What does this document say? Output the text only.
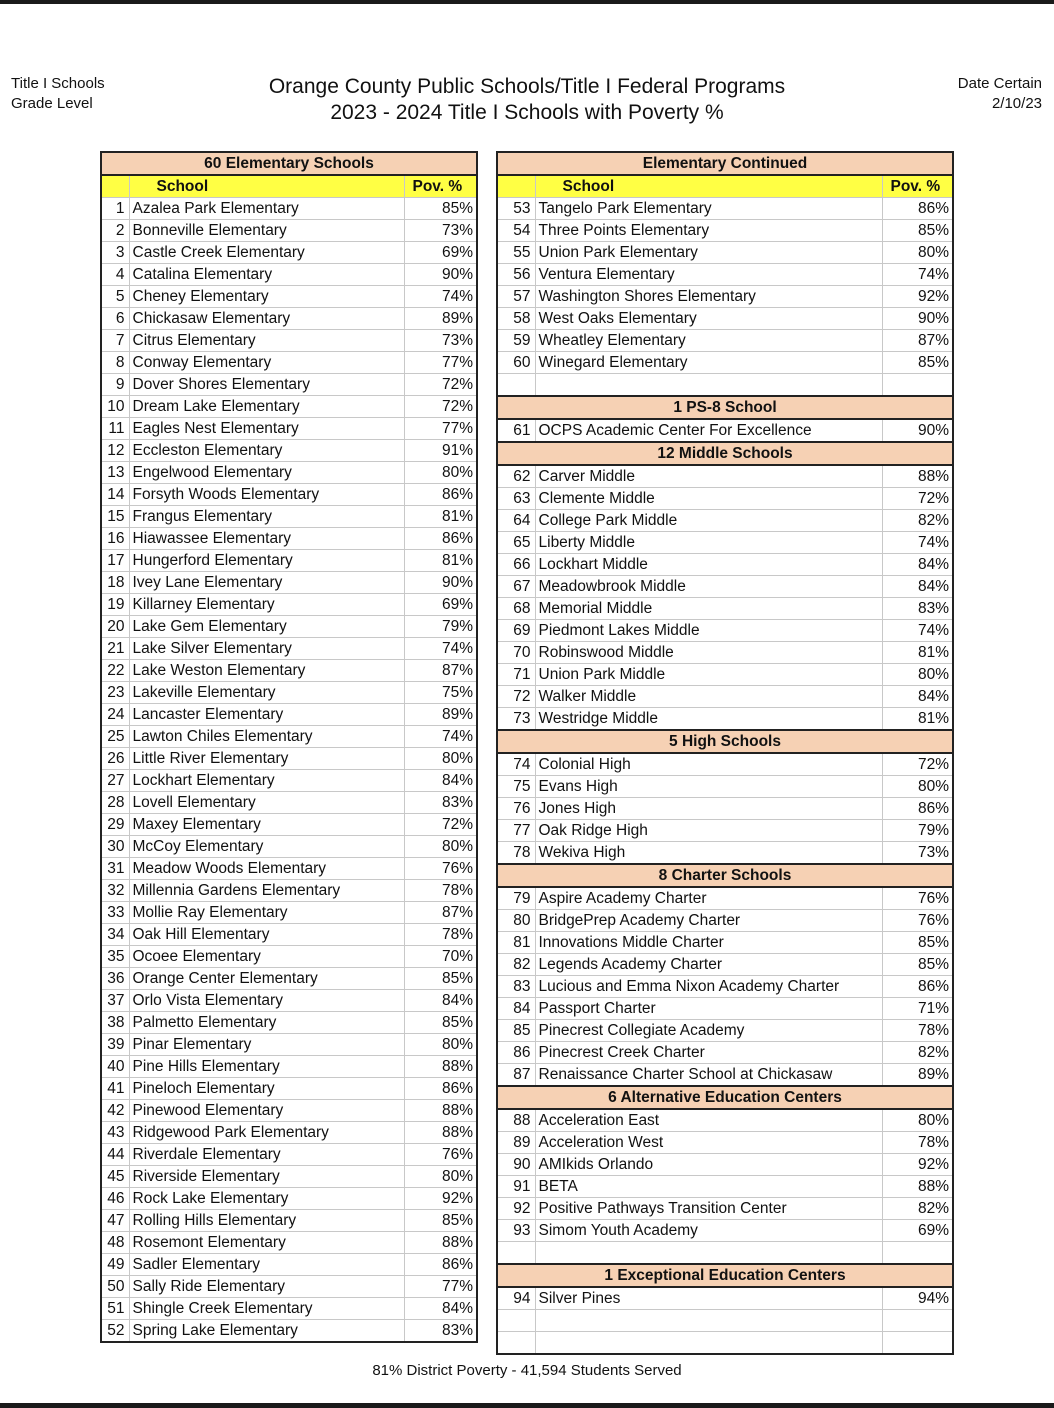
Title I Schools
Grade Level
Orange County Public Schools/Title I Federal Programs
2023 - 2024 Title I Schools with Poverty %
Date Certain
2/10/23
60 Elementary Schools		
	School	Pov. %
1	Azalea Park Elementary	85%
2	Bonneville Elementary	73%
3	Castle Creek Elementary	69%
4	Catalina Elementary	90%
5	Cheney Elementary	74%
6	Chickasaw Elementary	89%
7	Citrus Elementary	73%
8	Conway Elementary	77%
9	Dover Shores Elementary	72%
10	Dream Lake Elementary	72%
11	Eagles Nest Elementary	77%
12	Eccleston Elementary	91%
13	Engelwood Elementary	80%
14	Forsyth Woods Elementary	86%
15	Frangus Elementary	81%
16	Hiawassee Elementary	86%
17	Hungerford Elementary	81%
18	Ivey Lane Elementary	90%
19	Killarney Elementary	69%
20	Lake Gem Elementary	79%
21	Lake Silver Elementary	74%
22	Lake Weston Elementary	87%
23	Lakeville Elementary	75%
24	Lancaster Elementary	89%
25	Lawton Chiles Elementary	74%
26	Little River Elementary	80%
27	Lockhart Elementary	84%
28	Lovell Elementary	83%
29	Maxey Elementary	72%
30	McCoy Elementary	80%
31	Meadow Woods Elementary	76%
32	Millennia Gardens Elementary	78%
33	Mollie Ray Elementary	87%
34	Oak Hill Elementary	78%
35	Ocoee Elementary	70%
36	Orange Center Elementary	85%
37	Orlo Vista Elementary	84%
38	Palmetto Elementary	85%
39	Pinar Elementary	80%
40	Pine Hills Elementary	88%
41	Pineloch Elementary	86%
42	Pinewood Elementary	88%
43	Ridgewood Park Elementary	88%
44	Riverdale Elementary	76%
45	Riverside Elementary	80%
46	Rock Lake Elementary	92%
47	Rolling Hills Elementary	85%
48	Rosemont Elementary	88%
49	Sadler Elementary	86%
50	Sally Ride Elementary	77%
51	Shingle Creek Elementary	84%
52	Spring Lake Elementary	83%
Elementary Continued		
	School	Pov. %
53	Tangelo Park Elementary	86%
54	Three Points Elementary	85%
55	Union Park Elementary	80%
56	Ventura Elementary	74%
57	Washington Shores Elementary	92%
58	West Oaks Elementary	90%
59	Wheatley Elementary	87%
60	Winegard Elementary	85%

1 PS-8 School		
61	OCPS Academic Center For Excellence	90%
12 Middle Schools		
62	Carver Middle	88%
63	Clemente Middle	72%
64	College Park Middle	82%
65	Liberty Middle	74%
66	Lockhart Middle	84%
67	Meadowbrook Middle	84%
68	Memorial Middle	83%
69	Piedmont Lakes Middle	74%
70	Robinswood Middle	81%
71	Union Park Middle	80%
72	Walker Middle	84%
73	Westridge Middle	81%
5 High Schools		
74	Colonial High	72%
75	Evans High	80%
76	Jones High	86%
77	Oak Ridge High	79%
78	Wekiva High	73%
8 Charter Schools		
79	Aspire Academy Charter	76%
80	BridgePrep Academy Charter	76%
81	Innovations Middle Charter	85%
82	Legends Academy Charter	85%
83	Lucious and Emma Nixon Academy Charter	86%
84	Passport Charter	71%
85	Pinecrest Collegiate Academy	78%
86	Pinecrest Creek Charter	82%
87	Renaissance Charter School at Chickasaw	89%
6 Alternative Education Centers		
88	Acceleration East	80%
89	Acceleration West	78%
90	AMIkids Orlando	92%
91	BETA	88%
92	Positive Pathways Transition Center	82%
93	Simom Youth Academy	69%

1 Exceptional Education Centers		
94	Silver Pines	94%

81% District Poverty - 41,594 Students Served
